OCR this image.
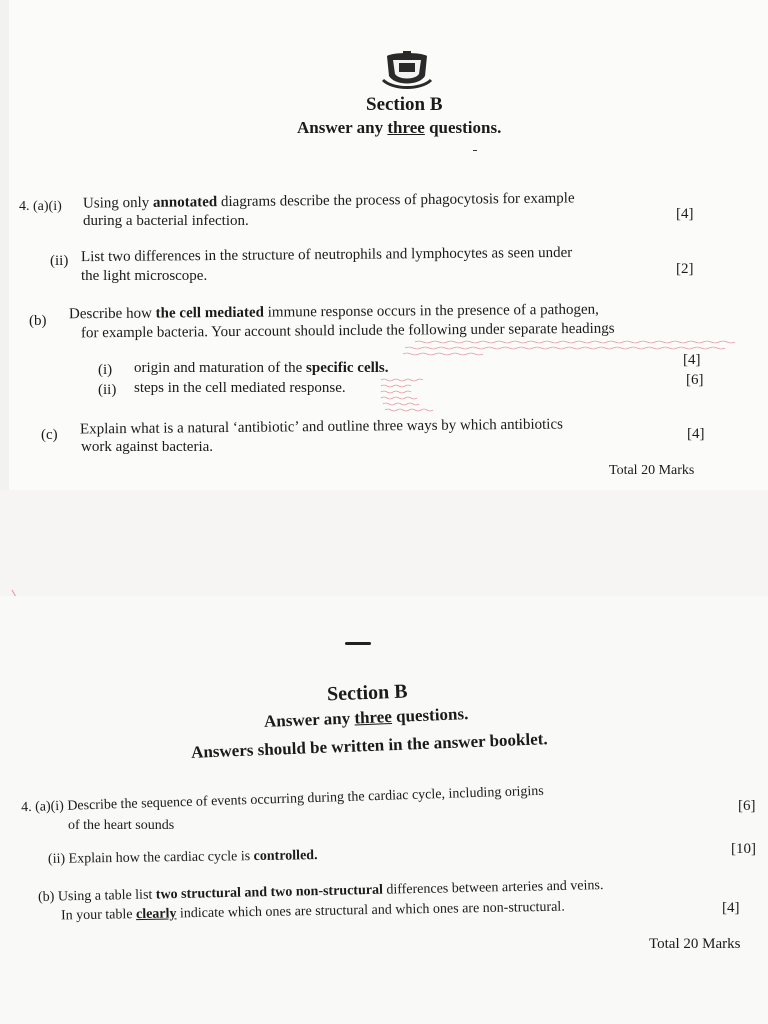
Section B
Answer any three questions.
4. (a)(i) Using only annotated diagrams describe the process of phagocytosis for example
during a bacterial infection.	[4]
(ii) List two differences in the structure of neutrophils and lymphocytes as seen under
the light microscope.	[2]
(b) Describe how the cell mediated immune response occurs in the presence of a pathogen,
for example bacteria. Your account should include the following under separate headings
(i) origin and maturation of the specific cells.	[4]
(ii) steps in the cell mediated response.	[6]
(c) Explain what is a natural ‘antibiotic’ and outline three ways by which antibiotics
work against bacteria.
[4]
Total 20 Marks
Section B
Answer any three questions.
Answers should be written in the answer booklet.
4. (a)(i) Describe the sequence of events occurring during the cardiac cycle, including origins
of the heart sounds
[6]
(ii) Explain how the cardiac cycle is controlled.	[10]
(b) Using a table list two structural and two non-structural differences between arteries and veins.
In your table clearly indicate which ones are structural and which ones are non-structural.	[4]
Total 20 Marks
